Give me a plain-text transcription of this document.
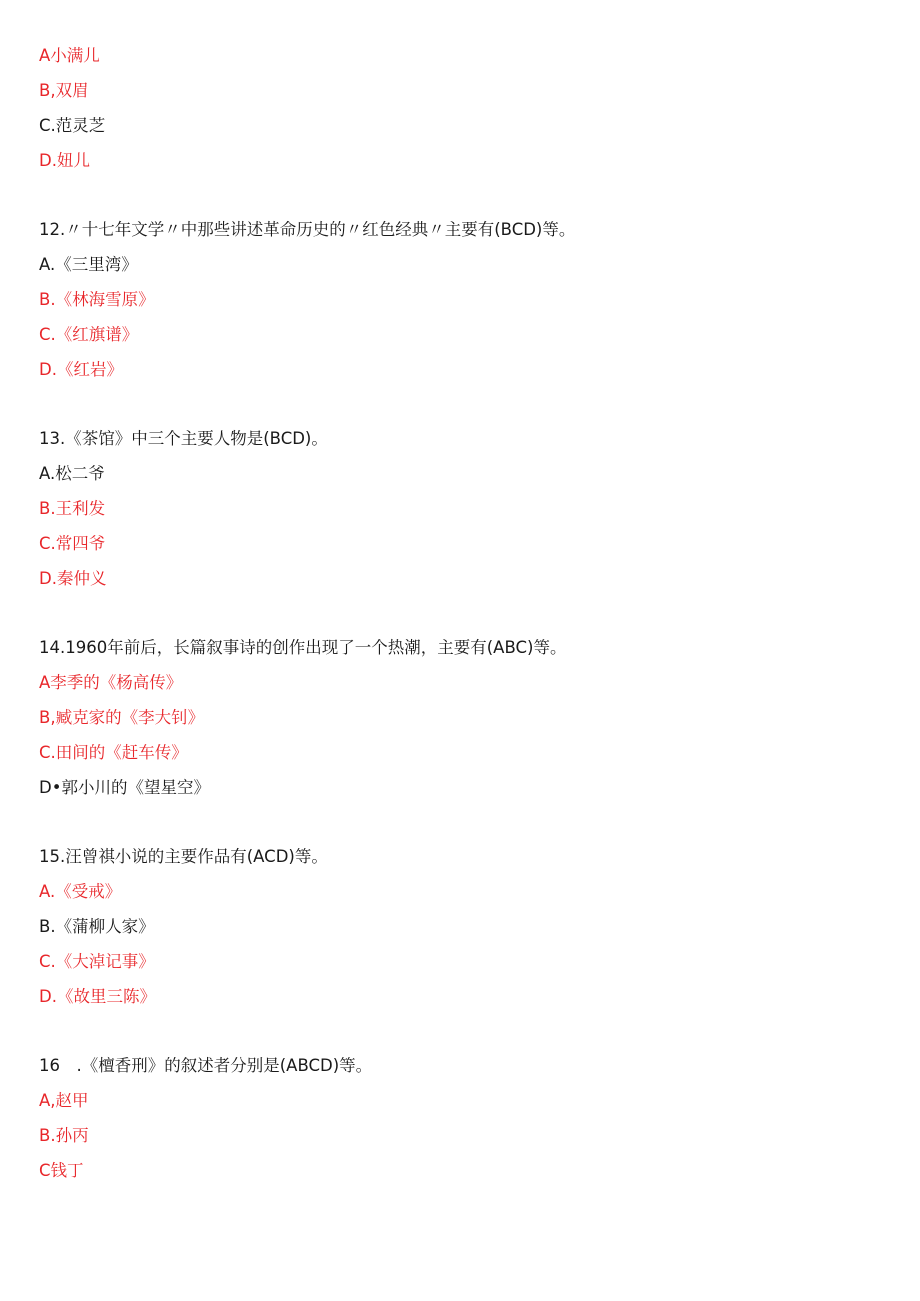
A小满儿
B,双眉
C.范灵芝
D.妞儿
12.〃十七年文学〃中那些讲述革命历史的〃红色经典〃主要有(BCD)等。
A.《三里湾》
B.《林海雪原》
C.《红旗谱》
D.《红岩》
13.《茶馆》中三个主要人物是(BCD)。
A.松二爷
B.王利发
C.常四爷
D.秦仲义
14.1960年前后，长篇叙事诗的创作出现了一个热潮，主要有(ABC)等。
A李季的《杨高传》
B,臧克家的《李大钊》
C.田间的《赶车传》
D•郭小川的《望星空》
15.汪曾祺小说的主要作品有(ACD)等。
A.《受戒》
B.《蒲柳人家》
C.《大淖记事》
D.《故里三陈》
16　.《檀香刑》的叙述者分别是(ABCD)等。
A,赵甲
B.孙丙
C钱丁
